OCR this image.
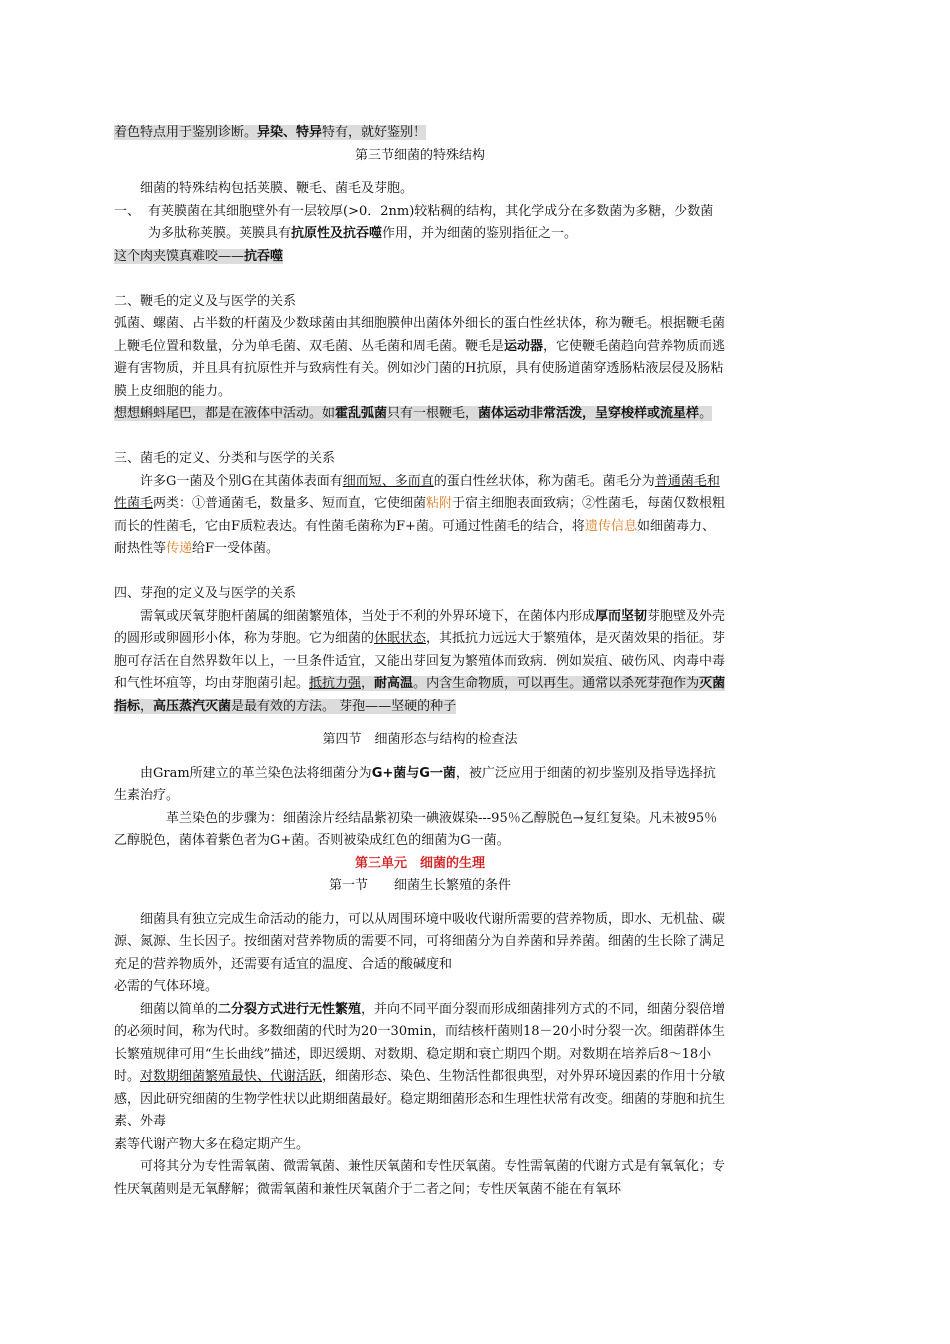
着色特点用于鉴别诊断。异染、特异特有，就好鉴别！

第三节细菌的特殊结构

细菌的特殊结构包括荚膜、鞭毛、菌毛及芽胞。

一、 有荚膜菌在其细胞壁外有一层较厚(>0．2nm)较粘稠的结构，其化学成分在多数菌为多糖，少数菌为多肽称荚膜。荚膜具有抗原性及抗吞噬作用，并为细菌的鉴别指征之一。

这个肉夹馍真难咬——抗吞噬

二、鞭毛的定义及与医学的关系

弧菌、螺菌、占半数的杆菌及少数球菌由其细胞膜伸出菌体外细长的蛋白性丝状体，称为鞭毛。根据鞭毛菌上鞭毛位置和数量，分为单毛菌、双毛菌、丛毛菌和周毛菌。鞭毛是运动器，它使鞭毛菌趋向营养物质而逃避有害物质，并且具有抗原性并与致病性有关。例如沙门菌的H抗原，具有使肠道菌穿透肠粘液层侵及肠粘膜上皮细胞的能力。

想想蝌蚪尾巴，都是在液体中活动。如霍乱弧菌只有一根鞭毛，菌体运动非常活泼，呈穿梭样或流星样。

三、菌毛的定义、分类和与医学的关系

许多G一菌及个别G在其菌体表面有细而短、多而直的蛋白性丝状体，称为菌毛。菌毛分为普通菌毛和性菌毛两类：①普通菌毛，数量多、短而直，它使细菌粘附于宿主细胞表面致病；②性菌毛，每菌仅数根粗而长的性菌毛，它由F质粒表达。有性菌毛菌称为F+菌。可通过性菌毛的结合，将遗传信息如细菌毒力、耐热性等传递给F一受体菌。

四、芽孢的定义及与医学的关系

需氧或厌氧芽胞杆菌属的细菌繁殖体，当处于不利的外界环境下，在菌体内形成厚而坚韧芽胞壁及外壳的圆形或卵圆形小体，称为芽胞。它为细菌的休眠状态，其抵抗力远远大于繁殖体，是灭菌效果的指征。芽胞可存活在自然界数年以上，一旦条件适宜，又能出芽回复为繁殖体而致病．例如炭疽、破伤风、肉毒中毒和气性坏疽等，均由芽胞菌引起。抵抗力强，耐高温。内含生命物质，可以再生。通常以杀死芽孢作为灭菌指标，高压蒸汽灭菌是最有效的方法。 芽孢——坚硬的种子

第四节　细菌形态与结构的检查法

由Gram所建立的革兰染色法将细菌分为G+菌与G一菌，被广泛应用于细菌的初步鉴别及指导选择抗生素治疗。

革兰染色的步骤为：细菌涂片经结晶紫初染一碘液媒染---95％乙醇脱色→复红复染。凡未被95％乙醇脱色，菌体着紫色者为G+菌。否则被染成红色的细菌为G一菌。

第三单元　细菌的生理

第一节　　细菌生长繁殖的条件

细菌具有独立完成生命活动的能力，可以从周围环境中吸收代谢所需要的营养物质，即水、无机盐、碳源、氮源、生长因子。按细菌对营养物质的需要不同，可将细菌分为自养菌和异养菌。细菌的生长除了满足充足的营养物质外，还需要有适宜的温度、合适的酸碱度和

必需的气体环境。

细菌以简单的二分裂方式进行无性繁殖，并向不同平面分裂而形成细菌排列方式的不同，细菌分裂倍增的必须时间，称为代时。多数细菌的代时为20一30min，而结核杆菌则18－20小时分裂一次。细菌群体生长繁殖规律可用“生长曲线”描述，即迟缓期、对数期、稳定期和衰亡期四个期。对数期在培养后8～18小时。对数期细菌繁殖最快、代谢活跃，细菌形态、染色、生物活性都很典型，对外界环境因素的作用十分敏感，因此研究细菌的生物学性状以此期细菌最好。稳定期细菌形态和生理性状常有改变。细菌的芽胞和抗生素、外毒

素等代谢产物大多在稳定期产生。

可将其分为专性需氧菌、微需氧菌、兼性厌氧菌和专性厌氧菌。专性需氧菌的代谢方式是有氧氧化；专性厌氧菌则是无氧酵解；微需氧菌和兼性厌氧菌介于二者之间；专性厌氧菌不能在有氧环
